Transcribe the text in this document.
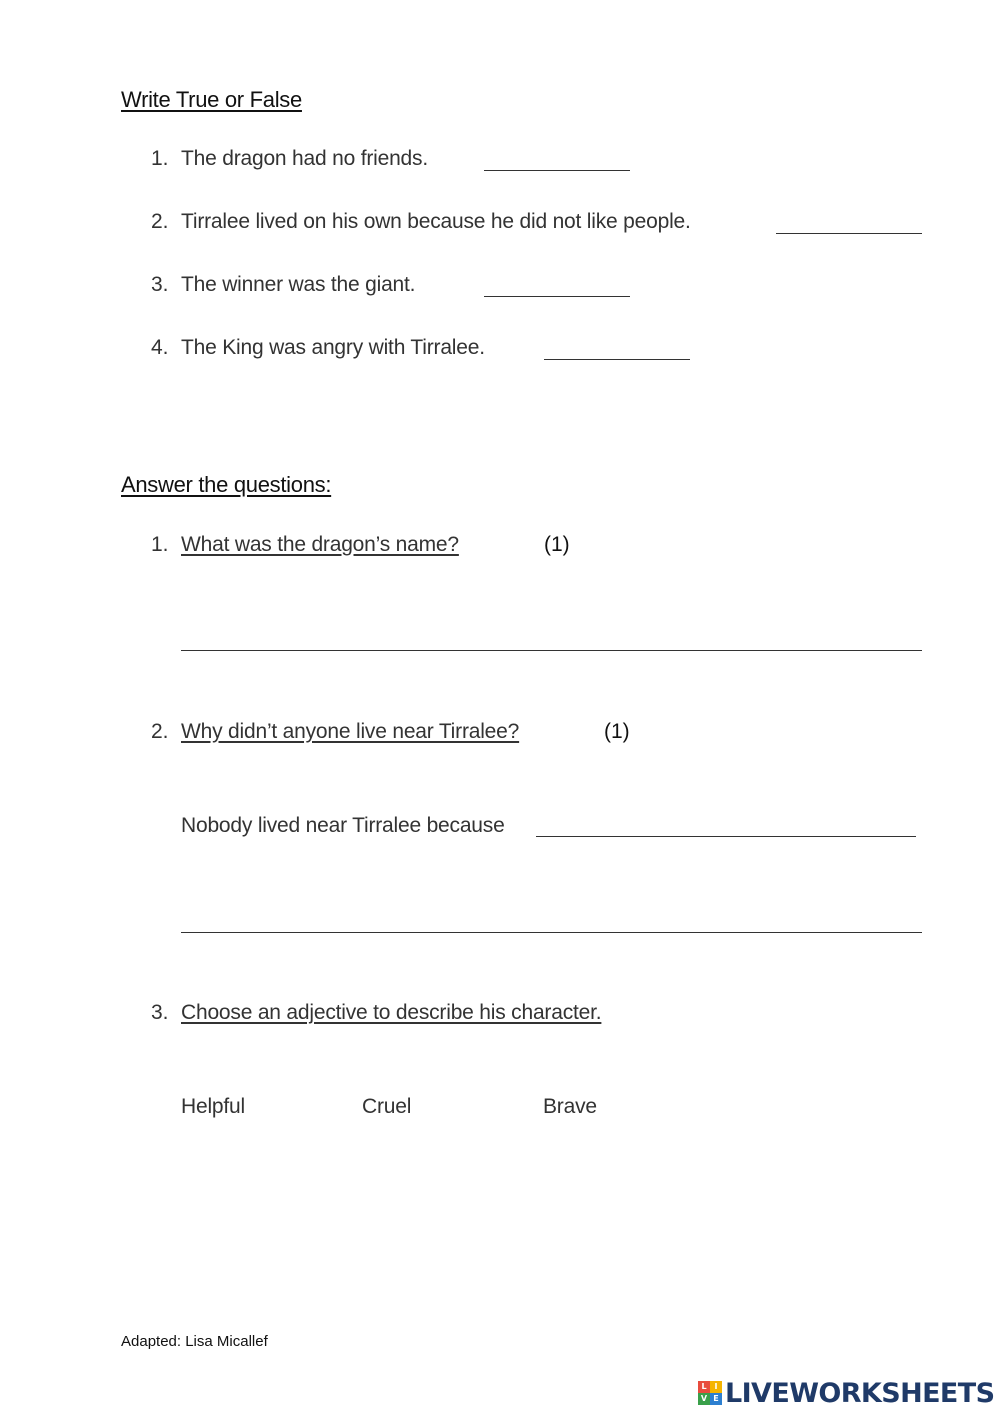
Write True or False
1. The dragon had no friends.
2. Tirralee lived on his own because he did not like people.
3. The winner was the giant.
4. The King was angry with Tirralee.
Answer the questions:
1. What was the dragon’s name?	(1)
2. Why didn’t anyone live near Tirralee?	(1)
Nobody lived near Tirralee because
3. Choose an adjective to describe his character.
Helpful	Cruel	Brave
Adapted: Lisa Micallef
L I
V E LIVEWORKSHEETS
